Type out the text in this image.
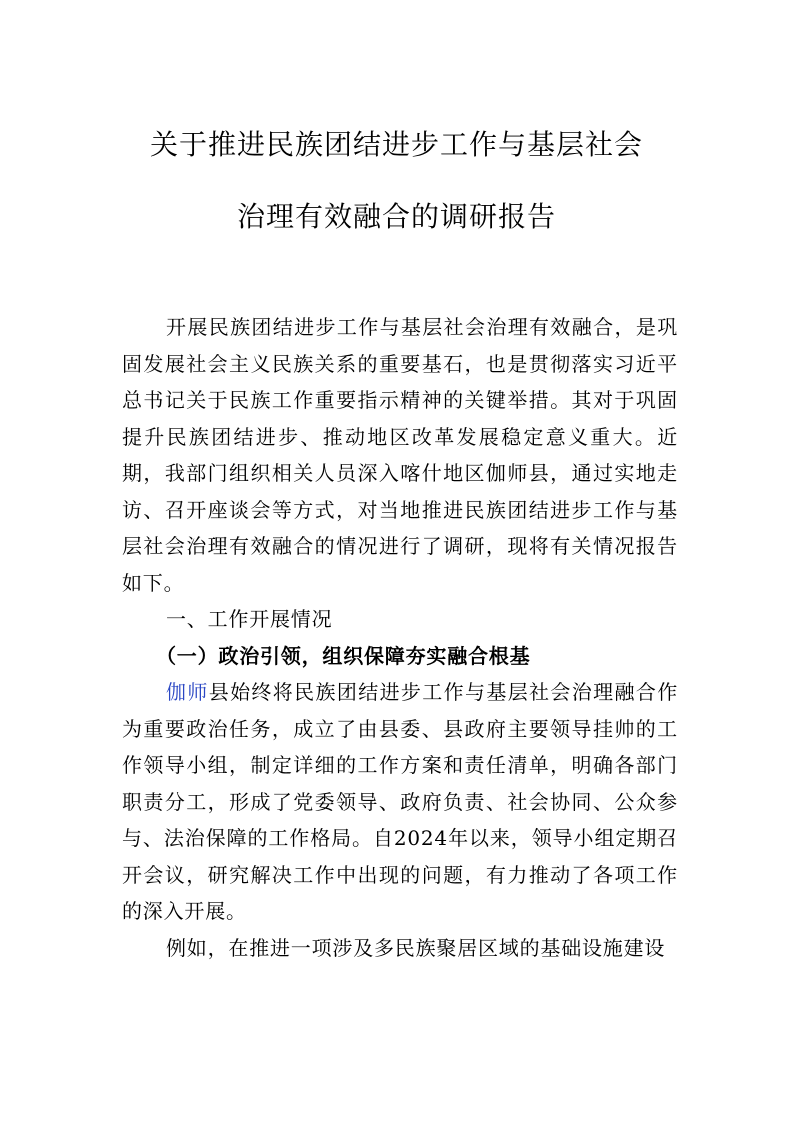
关于推进民族团结进步工作与基层社会
治理有效融合的调研报告

开展民族团结进步工作与基层社会治理有效融合，是巩固发展社会主义民族关系的重要基石，也是贯彻落实习近平总书记关于民族工作重要指示精神的关键举措。其对于巩固提升民族团结进步、推动地区改革发展稳定意义重大。近期，我部门组织相关人员深入喀什地区伽师县，通过实地走访、召开座谈会等方式，对当地推进民族团结进步工作与基层社会治理有效融合的情况进行了调研，现将有关情况报告如下。

一、工作开展情况

（一）政治引领，组织保障夯实融合根基

伽师县始终将民族团结进步工作与基层社会治理融合作为重要政治任务，成立了由县委、县政府主要领导挂帅的工作领导小组，制定详细的工作方案和责任清单，明确各部门职责分工，形成了党委领导、政府负责、社会协同、公众参与、法治保障的工作格局。自2024年以来，领导小组定期召开会议，研究解决工作中出现的问题，有力推动了各项工作的深入开展。

例如，在推进一项涉及多民族聚居区域的基础设施建设
